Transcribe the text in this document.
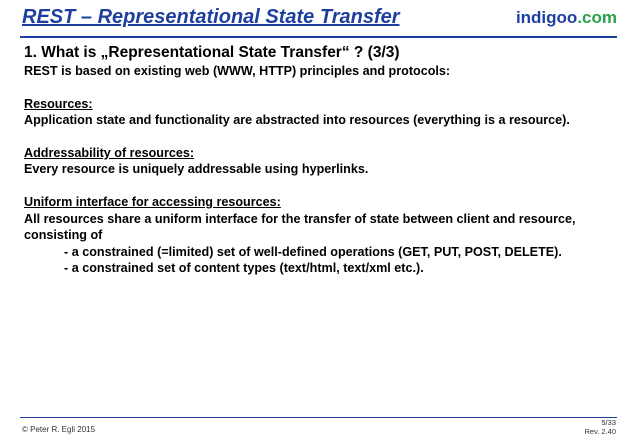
REST – Representational State Transfer	indigoo.com
1. What is „Representational State Transfer“ ? (3/3)
REST is based on existing web (WWW, HTTP) principles and protocols:
Resources:
Application state and functionality are abstracted into resources (everything is a resource).
Addressability of resources:
Every resource is uniquely addressable using hyperlinks.
Uniform interface for accessing resources:
All resources share a uniform interface for the transfer of state between client and resource,
consisting of
- a constrained (=limited) set of well-defined operations (GET, PUT, POST, DELETE).
- a constrained set of content types (text/html, text/xml etc.).
© Peter R. Egli 2015
5/33
Rev. 2.40
